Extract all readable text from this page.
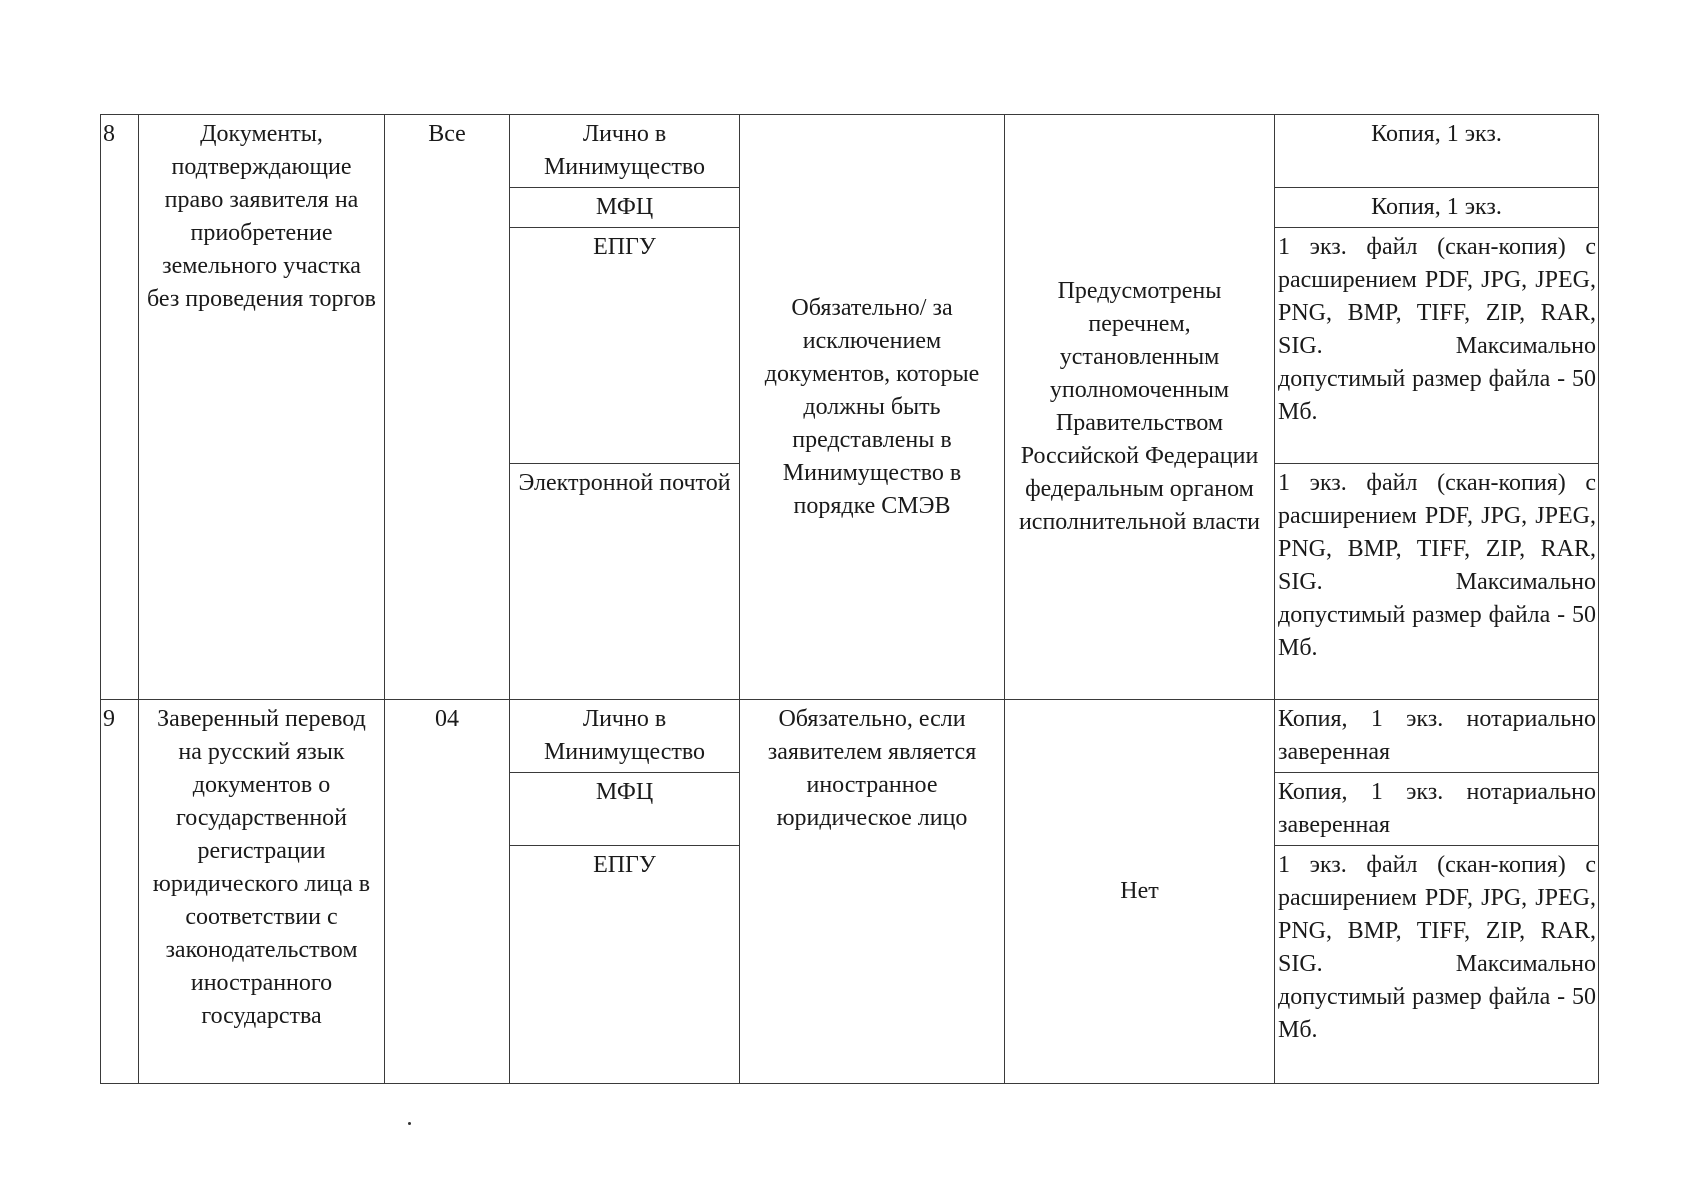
8	Документы, подтверждающие право заявителя на приобретение земельного участка без проведения торгов	Все	Лично в Минимущество	Обязательно/ за исключением документов, которые должны быть представлены в Минимущество в порядке СМЭВ	Предусмотрены перечнем, установленным уполномоченным Правительством Российской Федерации федеральным органом исполнительной власти	Копия, 1 экз.
			МФЦ			Копия, 1 экз.
			ЕПГУ			1 экз. файл (скан-копия) с расширением PDF, JPG, JPEG, PNG, BMP, TIFF, ZIP, RAR, SIG. Максимально допустимый размер файла - 50 Мб.
			Электронной почтой			1 экз. файл (скан-копия) с расширением PDF, JPG, JPEG, PNG, BMP, TIFF, ZIP, RAR, SIG. Максимально допустимый размер файла - 50 Мб.
9	Заверенный перевод на русский язык документов о государственной регистрации юридического лица в соответствии с законодательством иностранного государства	04	Лично в Минимущество	Обязательно, если заявителем является иностранное юридическое лицо	Нет	Копия, 1 экз. нотариально заверенная
			МФЦ			Копия, 1 экз. нотариально заверенная
			ЕПГУ			1 экз. файл (скан-копия) с расширением PDF, JPG, JPEG, PNG, BMP, TIFF, ZIP, RAR, SIG. Максимально допустимый размер файла - 50 Мб.
